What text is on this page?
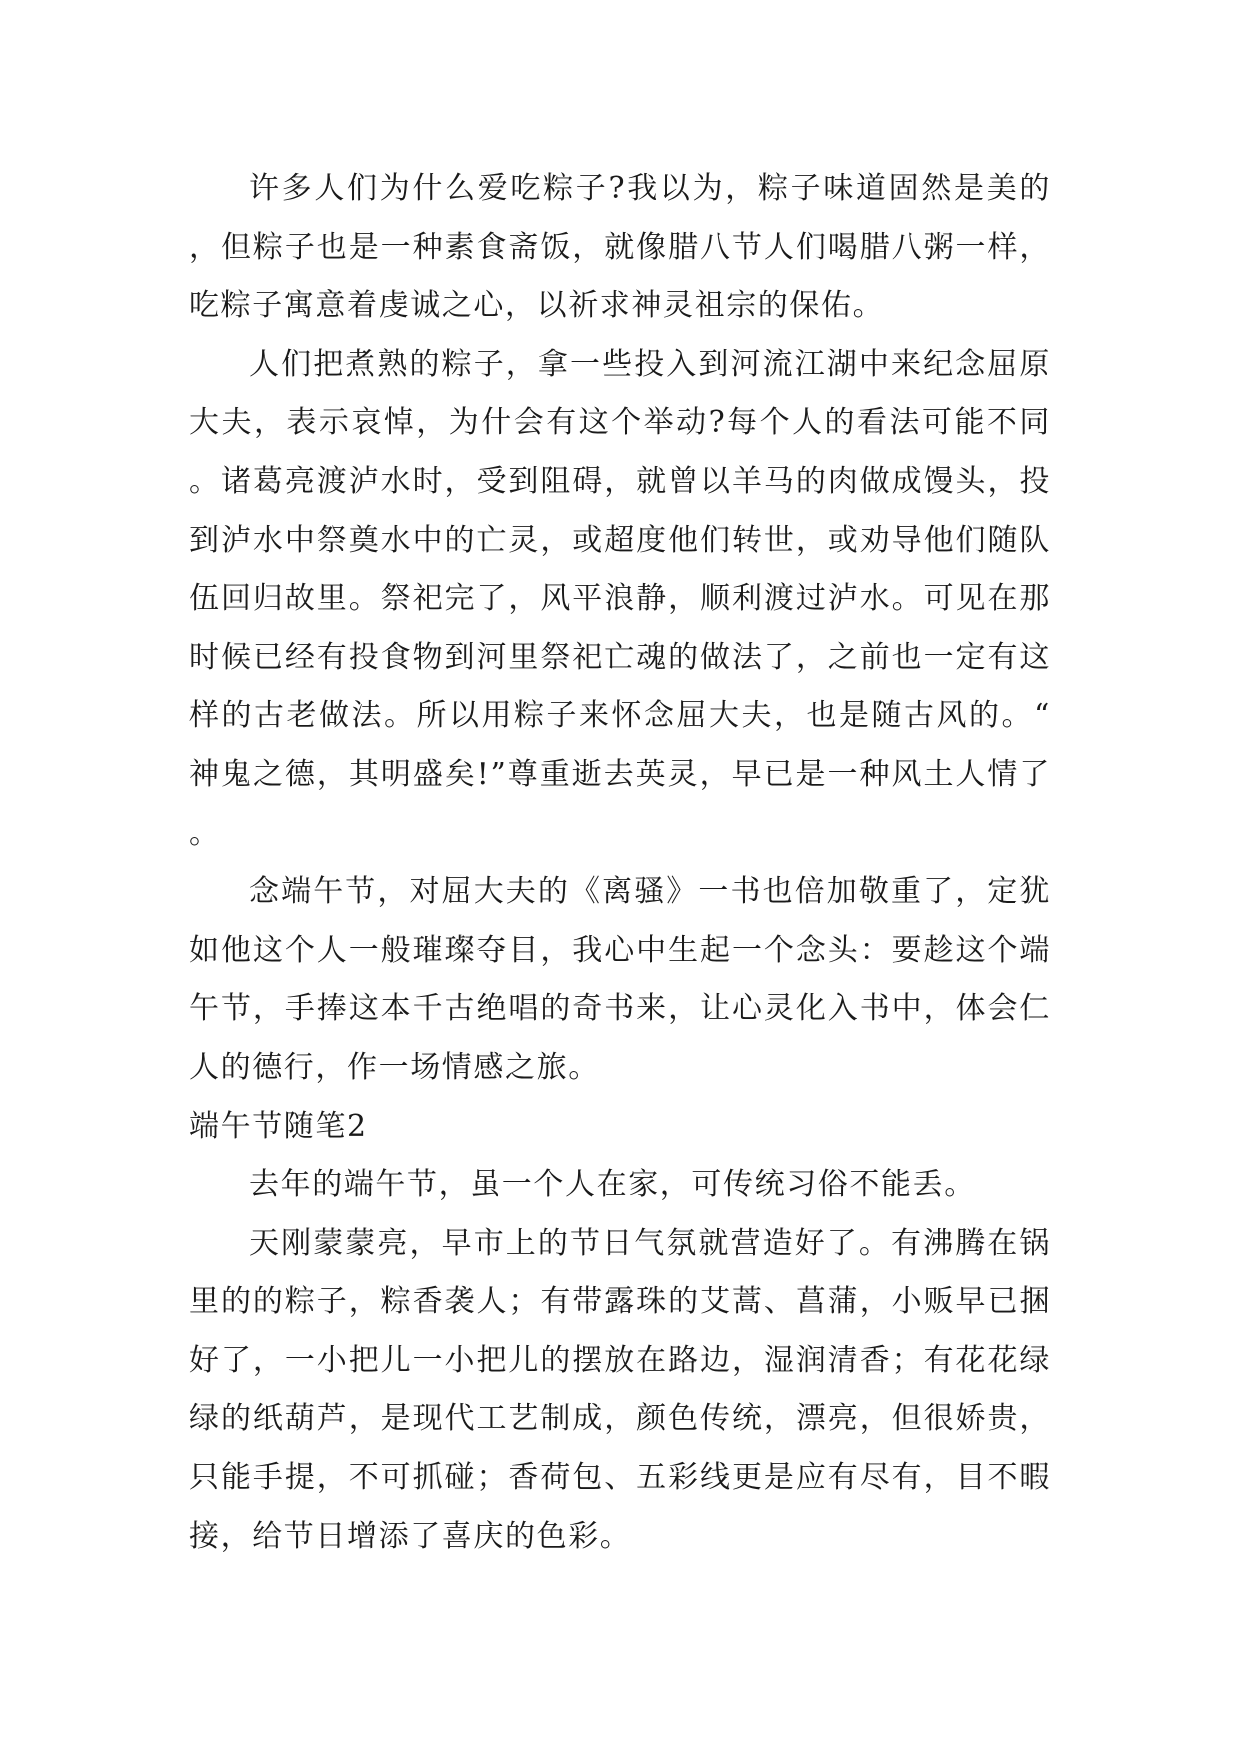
许多人们为什么爱吃粽子?我以为，粽子味道固然是美的，但粽子也是一种素食斋饭，就像腊八节人们喝腊八粥一样，吃粽子寓意着虔诚之心，以祈求神灵祖宗的保佑。

人们把煮熟的粽子，拿一些投入到河流江湖中来纪念屈原大夫，表示哀悼，为什会有这个举动?每个人的看法可能不同。诸葛亮渡泸水时，受到阻碍，就曾以羊马的肉做成馒头，投到泸水中祭奠水中的亡灵，或超度他们转世，或劝导他们随队伍回归故里。祭祀完了，风平浪静，顺利渡过泸水。可见在那时候已经有投食物到河里祭祀亡魂的做法了，之前也一定有这样的古老做法。所以用粽子来怀念屈大夫，也是随古风的。“神鬼之德，其明盛矣!”尊重逝去英灵，早已是一种风土人情了。

念端午节，对屈大夫的《离骚》一书也倍加敬重了，定犹如他这个人一般璀璨夺目，我心中生起一个念头：要趁这个端午节，手捧这本千古绝唱的奇书来，让心灵化入书中，体会仁人的德行，作一场情感之旅。

端午节随笔2

去年的端午节，虽一个人在家，可传统习俗不能丢。

天刚蒙蒙亮，早市上的节日气氛就营造好了。有沸腾在锅里的的粽子，粽香袭人；有带露珠的艾蒿、菖蒲，小贩早已捆好了，一小把儿一小把儿的摆放在路边，湿润清香；有花花绿绿的纸葫芦，是现代工艺制成，颜色传统，漂亮，但很娇贵，只能手提，不可抓碰；香荷包、五彩线更是应有尽有，目不暇接，给节日增添了喜庆的色彩。
